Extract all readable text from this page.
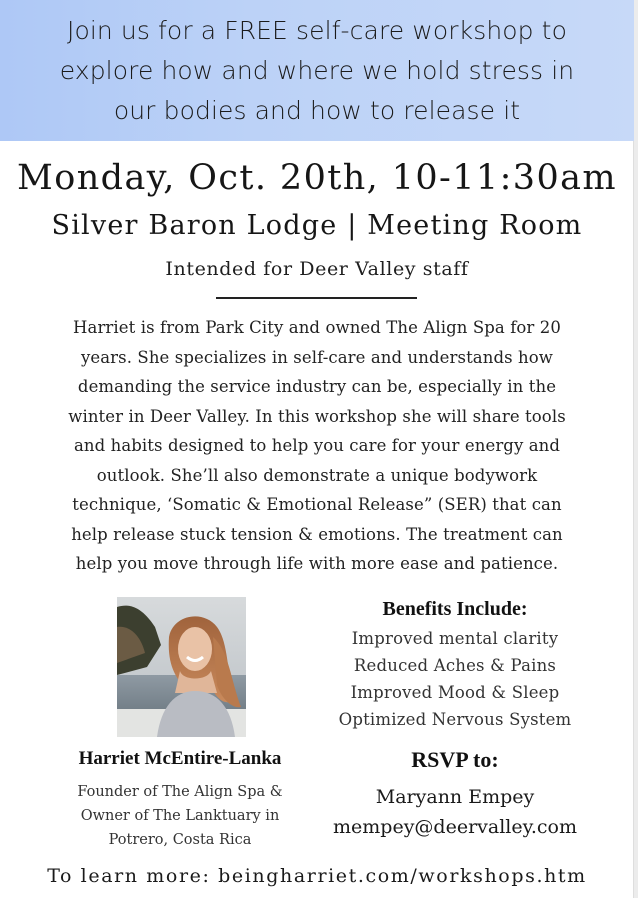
Join us for a FREE self-care workshop to
explore how and where we hold stress in
our bodies and how to release it
Monday, Oct. 20th, 10-11:30am
Silver Baron Lodge | Meeting Room
Intended for Deer Valley staff
Harriet is from Park City and owned The Align Spa for 20
years. She specializes in self-care and understands how
demanding the service industry can be, especially in the
winter in Deer Valley. In this workshop she will share tools
and habits designed to help you care for your energy and
outlook. She’ll also demonstrate a unique bodywork
technique, ‘Somatic & Emotional Release” (SER) that can
help release stuck tension & emotions. The treatment can
help you move through life with more ease and patience.
Harriet McEntire-Lanka
Founder of The Align Spa &
Owner of The Lanktuary in
Potrero, Costa Rica
Benefits Include:
Improved mental clarity
Reduced Aches & Pains
Improved Mood & Sleep
Optimized Nervous System
RSVP to:
Maryann Empey
mempey@deervalley.com
To learn more: beingharriet.com/workshops.htm
